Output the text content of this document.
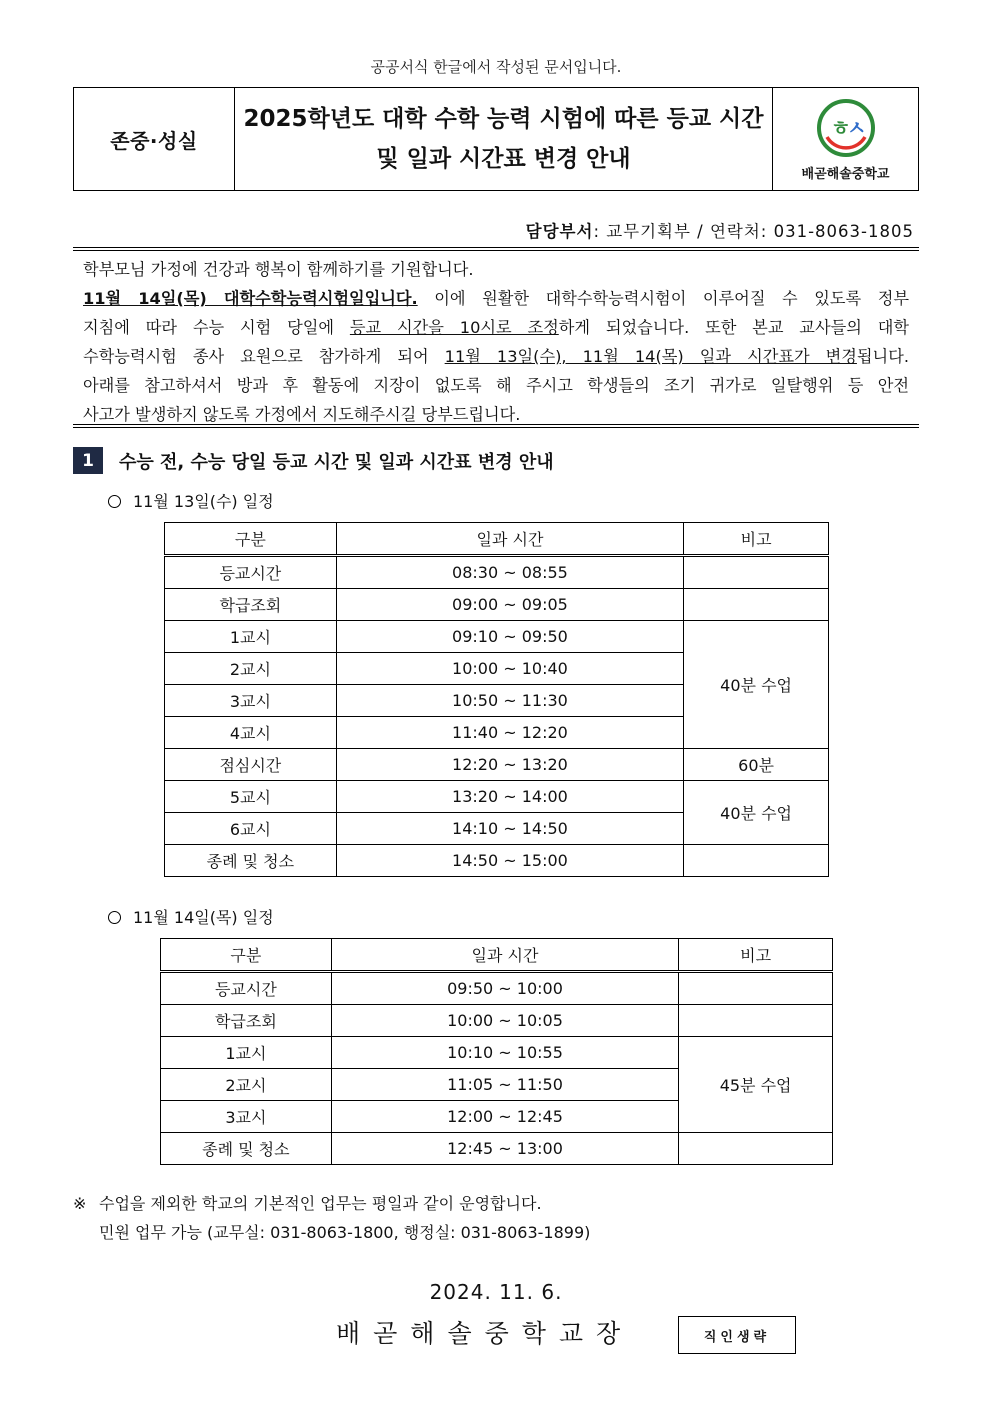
공공서식 한글에서 작성된 문서입니다.
존중·성실
2025학년도 대학 수학 능력 시험에 따른 등교 시간
및 일과 시간표 변경 안내
ㅎ
ㅅ
배곧해솔중학교
담당부서: 교무기획부 / 연락처: 031-8063-1805
학부모님 가정에 건강과 행복이 함께하기를 기원합니다.
11월 14일(목) 대학수학능력시험일입니다. 이에 원활한 대학수학능력시험이 이루어질 수 있도록 정부
지침에 따라 수능 시험 당일에 등교 시간을 10시로 조정하게 되었습니다. 또한 본교 교사들의 대학
수학능력시험 종사 요원으로 참가하게 되어 11월 13일(수), 11월 14(목) 일과 시간표가 변경됩니다.
아래를 참고하셔서 방과 후 활동에 지장이 없도록 해 주시고 학생들의 조기 귀가로 일탈행위 등 안전
사고가 발생하지 않도록 가정에서 지도해주시길 당부드립니다.
1	수능 전, 수능 당일 등교 시간 및 일과 시간표 변경 안내
11월 13일(수) 일정
구분	일과 시간	비고
등교시간	08:30 ~ 08:55	
학급조회	09:00 ~ 09:05	
1교시	09:10 ~ 09:50	40분 수업
2교시	10:00 ~ 10:40	
3교시	10:50 ~ 11:30	
4교시	11:40 ~ 12:20	
점심시간	12:20 ~ 13:20	60분
5교시	13:20 ~ 14:00	40분 수업
6교시	14:10 ~ 14:50	
종례 및 청소	14:50 ~ 15:00	
11월 14일(목) 일정
구분	일과 시간	비고
등교시간	09:50 ~ 10:00	
학급조회	10:00 ~ 10:05	
1교시	10:10 ~ 10:55	45분 수업
2교시	11:05 ~ 11:50	
3교시	12:00 ~ 12:45	
종례 및 청소	12:45 ~ 13:00	
※ 수업을 제외한 학교의 기본적인 업무는 평일과 같이 운영합니다.
민원 업무 가능 (교무실: 031-8063-1800, 행정실: 031-8063-1899)
2024. 11. 6.
배곧해솔중학교장	직인생략
